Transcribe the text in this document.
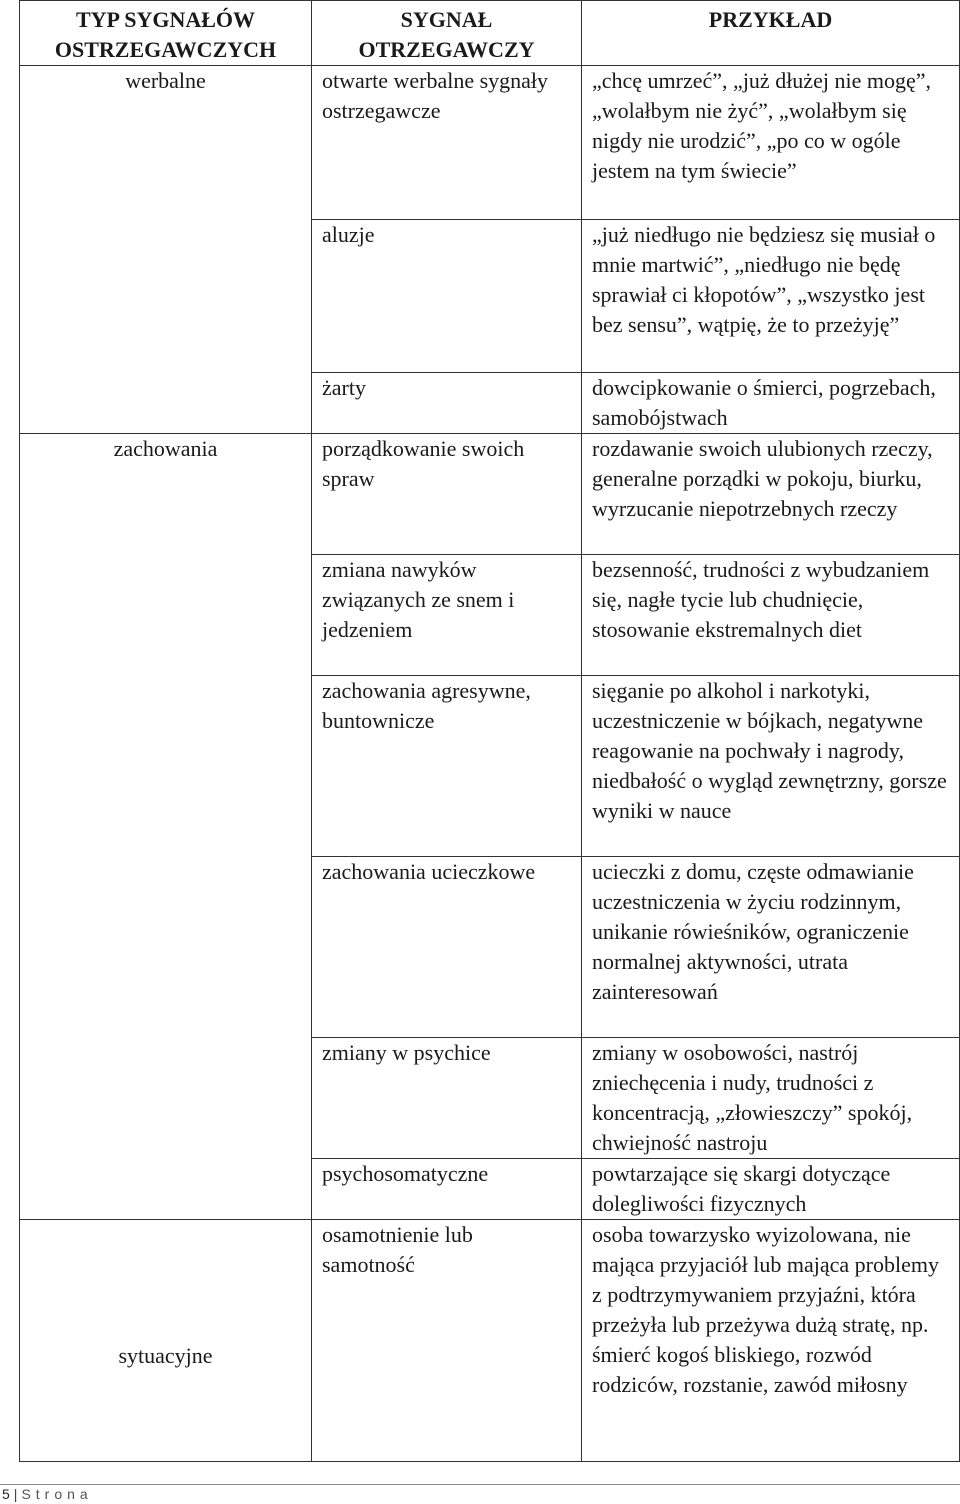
TYP SYGNAŁÓW OSTRZEGAWCZYCH	SYGNAŁ OTRZEGAWCZY	PRZYKŁAD
werbalne	otwarte werbalne sygnały ostrzegawcze	„chcę umrzeć”, „już dłużej nie mogę”, „wolałbym nie żyć”, „wolałbym się nigdy nie urodzić”, „po co w ogóle jestem na tym świecie”
	aluzje	„już niedługo nie będziesz się musiał o mnie martwić”, „niedługo nie będę sprawiał ci kłopotów”, „wszystko jest bez sensu”, wątpię, że to przeżyję”
	żarty	dowcipkowanie o śmierci, pogrzebach, samobójstwach
zachowania	porządkowanie swoich spraw	rozdawanie swoich ulubionych rzeczy, generalne porządki w pokoju, biurku, wyrzucanie niepotrzebnych rzeczy
	zmiana nawyków związanych ze snem i jedzeniem	bezsenność, trudności z wybudzaniem się, nagłe tycie lub chudnięcie, stosowanie ekstremalnych diet
	zachowania agresywne, buntownicze	sięganie po alkohol i narkotyki, uczestniczenie w bójkach, negatywne reagowanie na pochwały i nagrody, niedbałość o wygląd zewnętrzny, gorsze wyniki w nauce
	zachowania ucieczkowe	ucieczki z domu, częste odmawianie uczestniczenia w życiu rodzinnym, unikanie rówieśników, ograniczenie normalnej aktywności, utrata zainteresowań
	zmiany w psychice	zmiany w osobowości, nastrój zniechęcenia i nudy, trudności z koncentracją, „złowieszczy” spokój, chwiejność nastroju
	psychosomatyczne	powtarzające się skargi dotyczące dolegliwości fizycznych
sytuacyjne	osamotnienie lub samotność	osoba towarzysko wyizolowana, nie mająca przyjaciół lub mająca problemy z podtrzymywaniem przyjaźni, która przeżyła lub przeżywa dużą stratę, np. śmierć kogoś bliskiego, rozwód rodziców, rozstanie, zawód miłosny
5 | Strona
